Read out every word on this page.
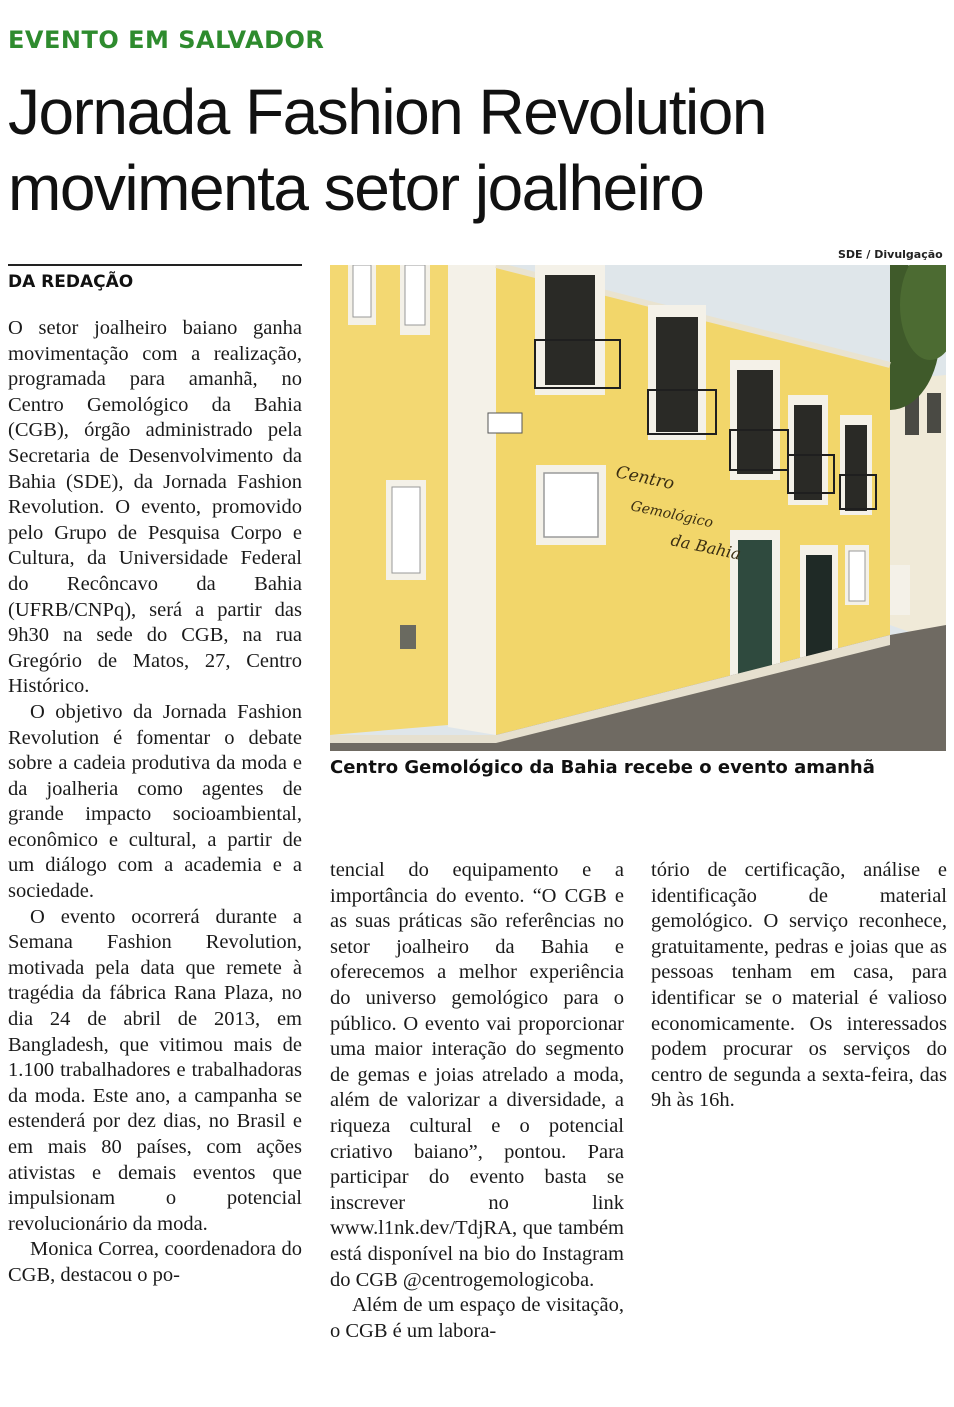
EVENTO EM SALVADOR
Jornada Fashion Revolution
movimenta setor joalheiro
DA REDAÇÃO
SDE / Divulgação
Centro
Gemológico
da Bahia
Centro Gemológico da Bahia recebe o evento amanhã

O setor joalheiro baiano ganha movimentação com a realização, programada para amanhã, no Centro Gemológico da Bahia (CGB), órgão administrado pela Secretaria de Desenvolvimento da Bahia (SDE), da Jornada Fashion Revolution. O evento, promovido pelo Grupo de Pesquisa Corpo e Cultura, da Universidade Federal do Recôncavo da Bahia (UFRB/CNPq), será a partir das 9h30 na sede do CGB, na rua Gregório de Matos, 27, Centro Histórico.

O objetivo da Jornada Fashion Revolution é fomentar o debate sobre a cadeia produtiva da moda e da joalheria como agentes de grande impacto socioambiental, econômico e cultural, a partir de um diálogo com a academia e a sociedade.

O evento ocorrerá durante a Semana Fashion Revolution, motivada pela data que remete à tragédia da fábrica Rana Plaza, no dia 24 de abril de 2013, em Bangladesh, que vitimou mais de 1.100 trabalhadores e trabalhadoras da moda. Este ano, a campanha se estenderá por dez dias, no Brasil e em mais 80 países, com ações ativistas e demais eventos que impulsionam o potencial revolucionário da moda.

Monica Correa, coordenadora do CGB, destacou o po-

tencial do equipamento e a importância do evento. “O CGB e as suas práticas são referências no setor joalheiro da Bahia e oferecemos a melhor experiência do universo gemológico para o público. O evento vai proporcionar uma maior interação do segmento de gemas e joias atrelado a moda, além de valorizar a diversidade, a riqueza cultural e o potencial criativo baiano”, pontou. Para participar do evento basta se inscrever no link www.l1nk.dev/TdjRA, que também está disponível na bio do Instagram do CGB @centrogemologicoba.

Além de um espaço de visitação, o CGB é um labora-

tório de certificação, análise e identificação de material gemológico. O serviço reconhece, gratuitamente, pedras e joias que as pessoas tenham em casa, para identificar se o material é valioso economicamente. Os interessados podem procurar os serviços do centro de segunda a sexta-feira, das 9h às 16h.
